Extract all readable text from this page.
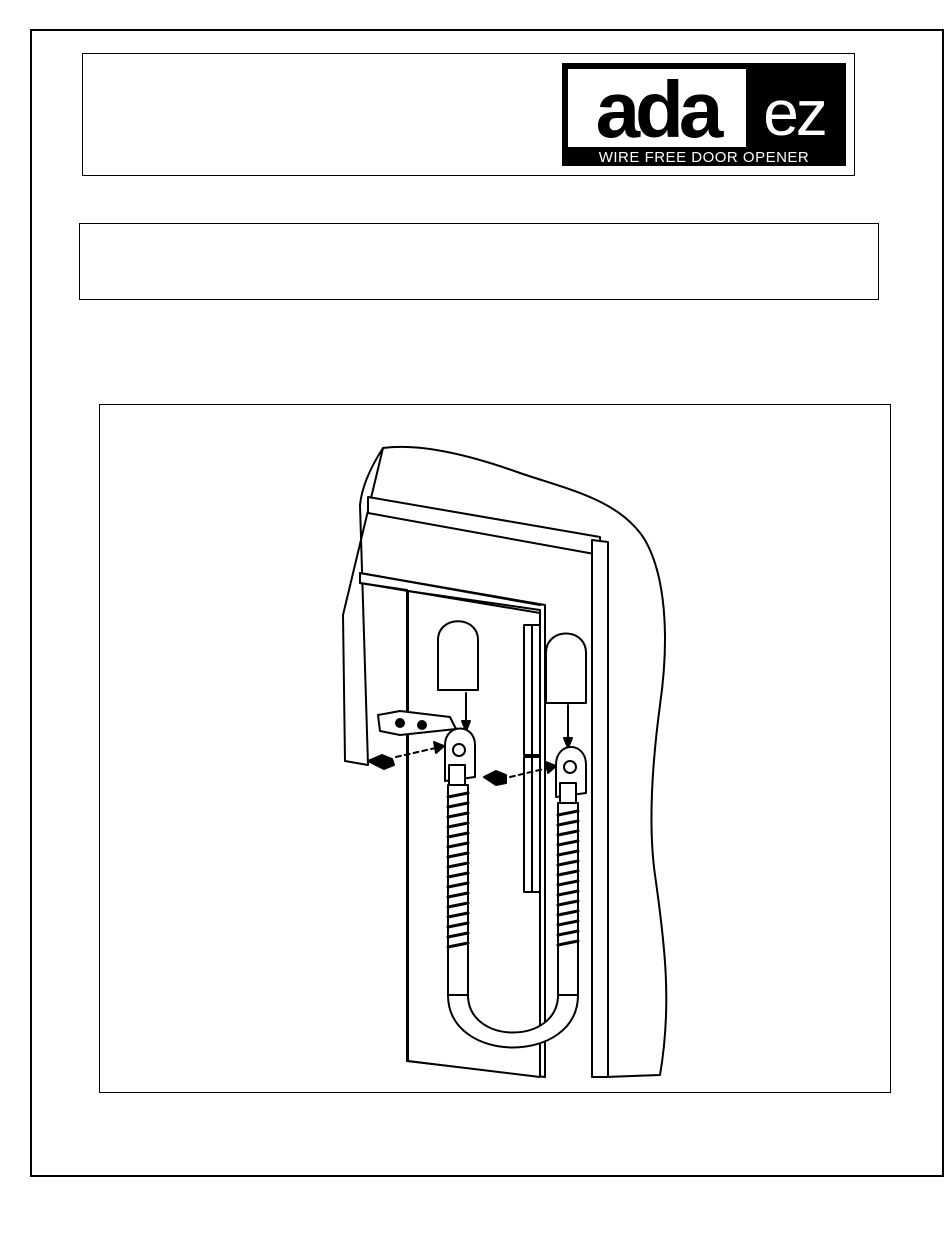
ada ez
WIRE FREE DOOR OPENER
